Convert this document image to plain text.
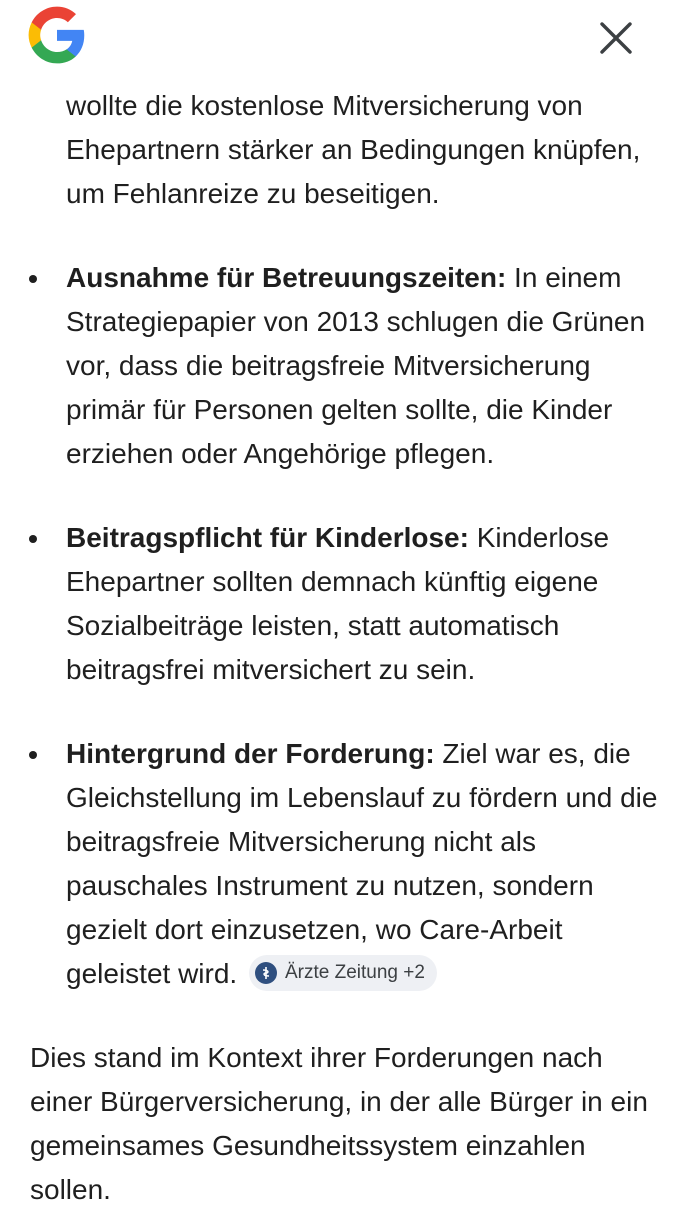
wollte die kostenlose Mitversicherung von Ehepartnern stärker an Bedingungen knüpfen, um Fehlanreize zu beseitigen.
Ausnahme für Betreuungszeiten: In einem Strategiepapier von 2013 schlugen die Grünen vor, dass die beitragsfreie Mitversicherung primär für Personen gelten sollte, die Kinder erziehen oder Angehörige pflegen.
Beitragspflicht für Kinderlose: Kinderlose Ehepartner sollten demnach künftig eigene Sozialbeiträge leisten, statt automatisch beitragsfrei mitversichert zu sein.
Hintergrund der Forderung: Ziel war es, die Gleichstellung im Lebenslauf zu fördern und die beitragsfreie Mitversicherung nicht als pauschales Instrument zu nutzen, sondern gezielt dort einzusetzen, wo Care-Arbeit geleistet wird.	Ärzte Zeitung +2
Dies stand im Kontext ihrer Forderungen nach einer Bürgerversicherung, in der alle Bürger in ein gemeinsames Gesundheitssystem einzahlen sollen.
